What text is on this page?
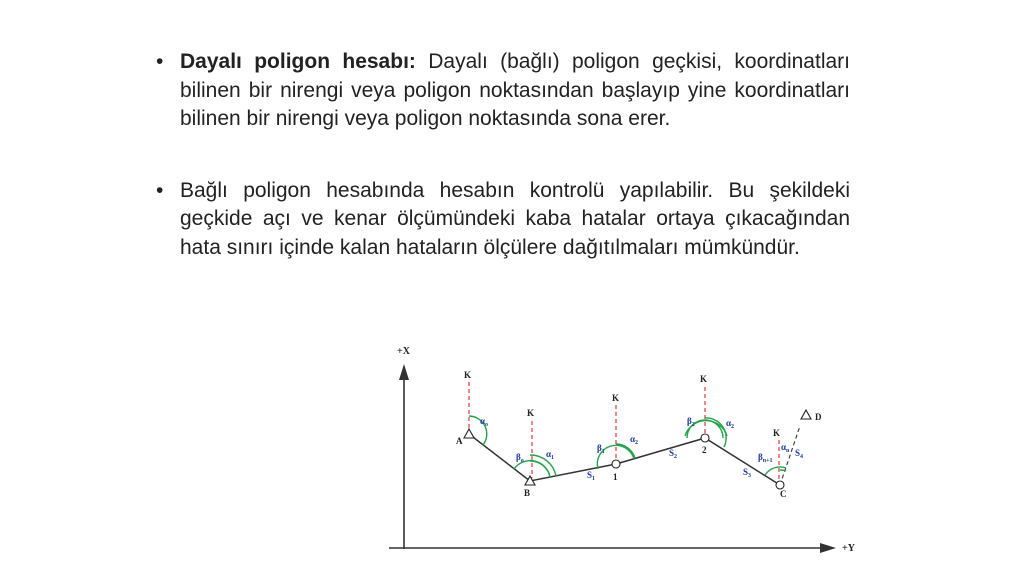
• Dayalı poligon hesabı: Dayalı (bağlı) poligon geçkisi, koordinatları bilinen bir nirengi veya poligon noktasından başlayıp yine koordinatları bilinen bir nirengi veya poligon noktasında sona erer.
• Bağlı poligon hesabında hesabın kontrolü yapılabilir. Bu şekildeki geçkide açı ve kenar ölçümündeki kaba hatalar ortaya çıkacağından hata sınırı içinde kalan hataların ölçülere dağıtılmaları mümkündür.
+X
+Y
K
K
K
K
K
A
B
1
2
C
D
$\alpha_o$
$\beta_o$
$\alpha_1$
$\beta_1$
$\alpha_2$
$\beta_2$	$\alpha_2$
$\beta_{n+1}$
$\alpha_n$
$S_1$
$S_2$
$S_3$
$S_4$
